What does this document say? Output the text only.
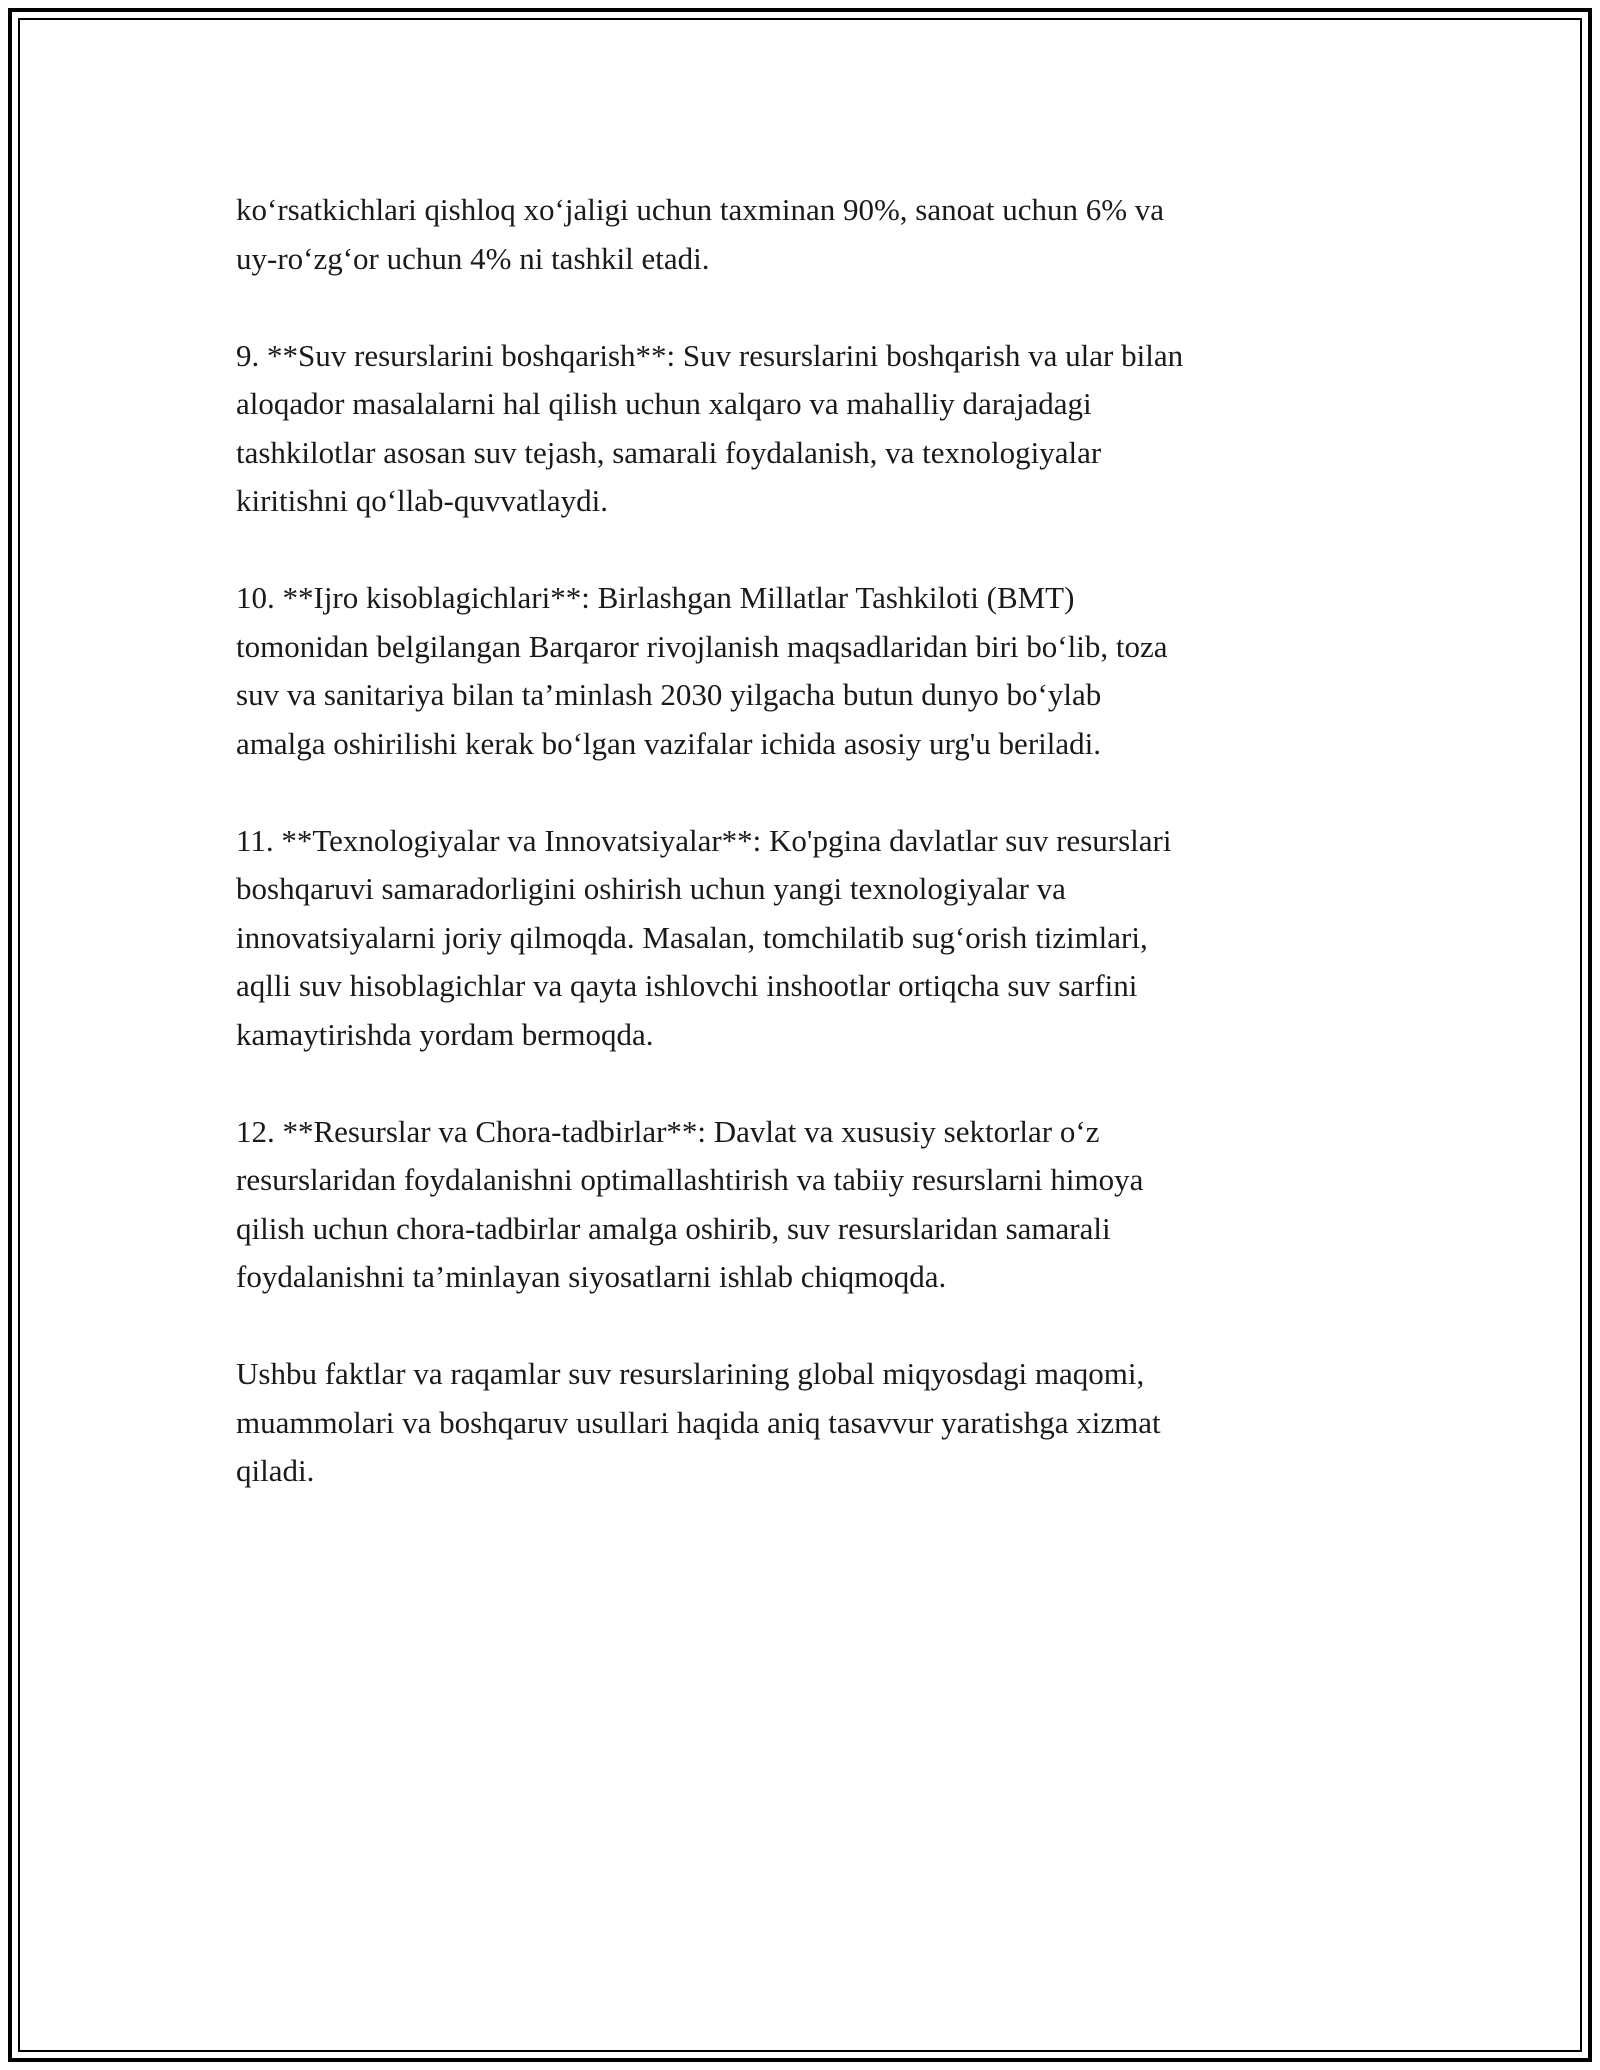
ko‘rsatkichlari qishloq xo‘jaligi uchun taxminan 90%, sanoat uchun 6% va
uy-ro‘zg‘or uchun 4% ni tashkil etadi.

9. **Suv resurslarini boshqarish**: Suv resurslarini boshqarish va ular bilan
aloqador masalalarni hal qilish uchun xalqaro va mahalliy darajadagi
tashkilotlar asosan suv tejash, samarali foydalanish, va texnologiyalar
kiritishni qo‘llab-quvvatlaydi.

10. **Ijro kisoblagichlari**: Birlashgan Millatlar Tashkiloti (BMT)
tomonidan belgilangan Barqaror rivojlanish maqsadlaridan biri bo‘lib, toza
suv va sanitariya bilan ta’minlash 2030 yilgacha butun dunyo bo‘ylab
amalga oshirilishi kerak bo‘lgan vazifalar ichida asosiy urg'u beriladi.

11. **Texnologiyalar va Innovatsiyalar**: Ko'pgina davlatlar suv resurslari
boshqaruvi samaradorligini oshirish uchun yangi texnologiyalar va
innovatsiyalarni joriy qilmoqda. Masalan, tomchilatib sug‘orish tizimlari,
aqlli suv hisoblagichlar va qayta ishlovchi inshootlar ortiqcha suv sarfini
kamaytirishda yordam bermoqda.

12. **Resurslar va Chora-tadbirlar**: Davlat va xususiy sektorlar o‘z
resurslaridan foydalanishni optimallashtirish va tabiiy resurslarni himoya
qilish uchun chora-tadbirlar amalga oshirib, suv resurslaridan samarali
foydalanishni ta’minlayan siyosatlarni ishlab chiqmoqda.

Ushbu faktlar va raqamlar suv resurslarining global miqyosdagi maqomi,
muammolari va boshqaruv usullari haqida aniq tasavvur yaratishga xizmat
qiladi.
